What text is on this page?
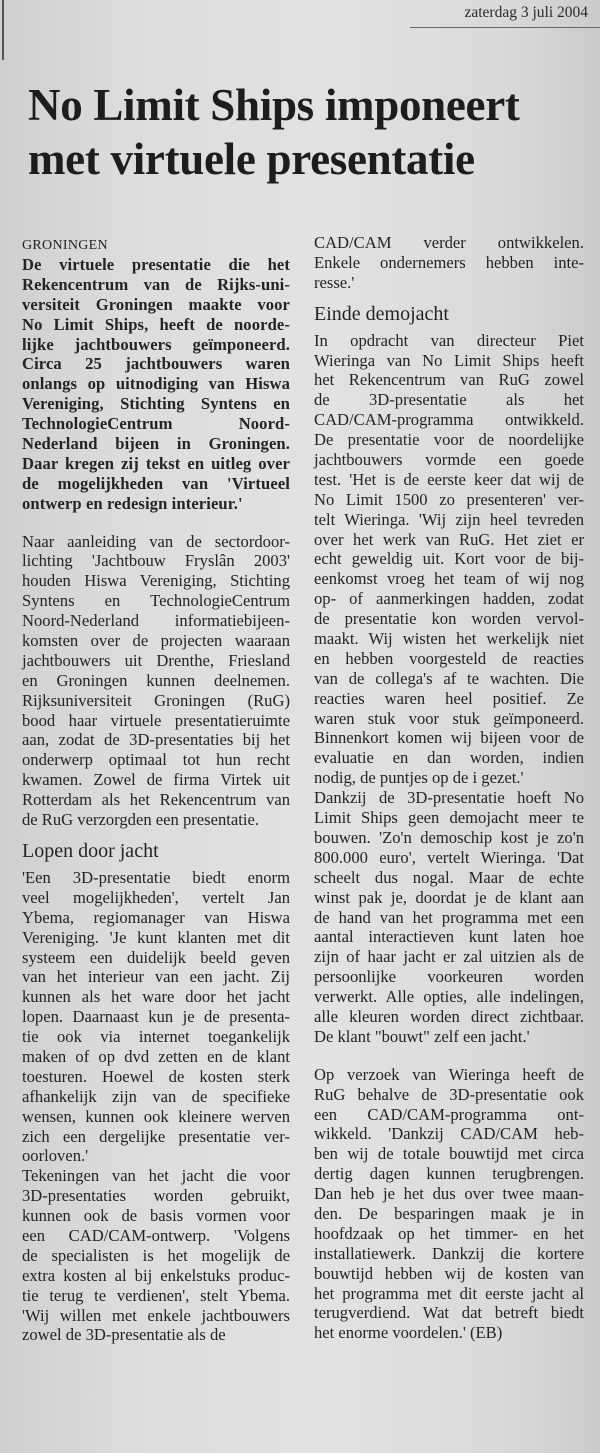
zaterdag 3 juli 2004
No Limit Ships imponeert
met virtuele presentatie
GRONINGEN
De virtuele presentatie die het
Rekencentrum van de Rijks-uni-
versiteit Groningen maakte voor
No Limit Ships, heeft de noorde-
lijke jachtbouwers geïmponeerd.
Circa 25 jachtbouwers waren
onlangs op uitnodiging van Hiswa
Vereniging, Stichting Syntens en
TechnologieCentrum Noord-
Nederland bijeen in Groningen.
Daar kregen zij tekst en uitleg over
de mogelijkheden van 'Virtueel
ontwerp en redesign interieur.'
Naar aanleiding van de sectordoor-
lichting 'Jachtbouw Fryslân 2003'
houden Hiswa Vereniging, Stichting
Syntens en TechnologieCentrum
Noord-Nederland informatiebijeen-
komsten over de projecten waaraan
jachtbouwers uit Drenthe, Friesland
en Groningen kunnen deelnemen.
Rijksuniversiteit Groningen (RuG)
bood haar virtuele presentatieruimte
aan, zodat de 3D-presentaties bij het
onderwerp optimaal tot hun recht
kwamen. Zowel de firma Virtek uit
Rotterdam als het Rekencentrum van
de RuG verzorgden een presentatie.
Lopen door jacht
'Een 3D-presentatie biedt enorm
veel mogelijkheden', vertelt Jan
Ybema, regiomanager van Hiswa
Vereniging. 'Je kunt klanten met dit
systeem een duidelijk beeld geven
van het interieur van een jacht. Zij
kunnen als het ware door het jacht
lopen. Daarnaast kun je de presenta-
tie ook via internet toegankelijk
maken of op dvd zetten en de klant
toesturen. Hoewel de kosten sterk
afhankelijk zijn van de specifieke
wensen, kunnen ook kleinere werven
zich een dergelijke presentatie ver-
oorloven.'
Tekeningen van het jacht die voor
3D-presentaties worden gebruikt,
kunnen ook de basis vormen voor
een CAD/CAM-ontwerp. 'Volgens
de specialisten is het mogelijk de
extra kosten al bij enkelstuks produc-
tie terug te verdienen', stelt Ybema.
'Wij willen met enkele jachtbouwers
zowel de 3D-presentatie als de
CAD/CAM verder ontwikkelen.
Enkele ondernemers hebben inte-
resse.'
Einde demojacht
In opdracht van directeur Piet
Wieringa van No Limit Ships heeft
het Rekencentrum van RuG zowel
de 3D-presentatie als het
CAD/CAM-programma ontwikkeld.
De presentatie voor de noordelijke
jachtbouwers vormde een goede
test. 'Het is de eerste keer dat wij de
No Limit 1500 zo presenteren' ver-
telt Wieringa. 'Wij zijn heel tevreden
over het werk van RuG. Het ziet er
echt geweldig uit. Kort voor de bij-
eenkomst vroeg het team of wij nog
op- of aanmerkingen hadden, zodat
de presentatie kon worden vervol-
maakt. Wij wisten het werkelijk niet
en hebben voorgesteld de reacties
van de collega's af te wachten. Die
reacties waren heel positief. Ze
waren stuk voor stuk geïmponeerd.
Binnenkort komen wij bijeen voor de
evaluatie en dan worden, indien
nodig, de puntjes op de i gezet.'
Dankzij de 3D-presentatie hoeft No
Limit Ships geen demojacht meer te
bouwen. 'Zo'n demoschip kost je zo'n
800.000 euro', vertelt Wieringa. 'Dat
scheelt dus nogal. Maar de echte
winst pak je, doordat je de klant aan
de hand van het programma met een
aantal interactieven kunt laten hoe
zijn of haar jacht er zal uitzien als de
persoonlijke voorkeuren worden
verwerkt. Alle opties, alle indelingen,
alle kleuren worden direct zichtbaar.
De klant "bouwt" zelf een jacht.'
Op verzoek van Wieringa heeft de
RuG behalve de 3D-presentatie ook
een CAD/CAM-programma ont-
wikkeld. 'Dankzij CAD/CAM heb-
ben wij de totale bouwtijd met circa
dertig dagen kunnen terugbrengen.
Dan heb je het dus over twee maan-
den. De besparingen maak je in
hoofdzaak op het timmer- en het
installatiewerk. Dankzij die kortere
bouwtijd hebben wij de kosten van
het programma met dit eerste jacht al
terugverdiend. Wat dat betreft biedt
het enorme voordelen.' (EB)
